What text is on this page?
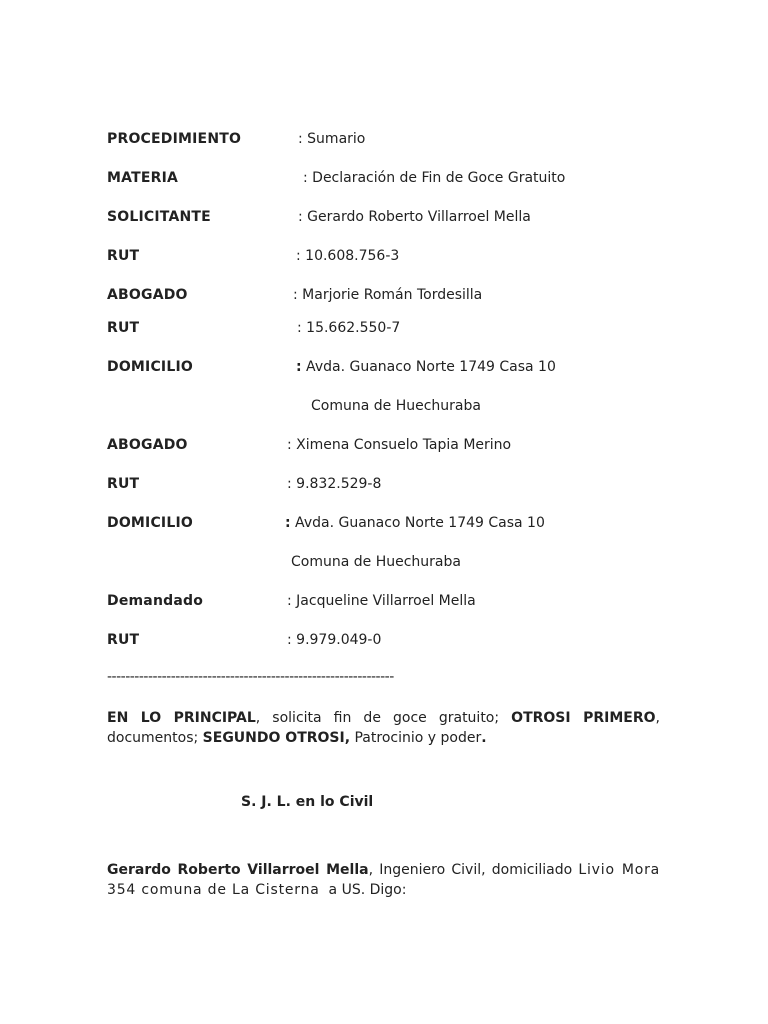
PROCEDIMIENTO	: Sumario
MATERIA	: Declaración de Fin de Goce Gratuito
SOLICITANTE	: Gerardo Roberto Villarroel Mella
RUT	: 10.608.756-3
ABOGADO	: Marjorie Román Tordesilla
RUT	: 15.662.550-7
DOMICILIO	: Avda. Guanaco Norte 1749 Casa 10
Comuna de Huechuraba
ABOGADO	: Ximena Consuelo Tapia Merino
RUT	: 9.832.529-8
DOMICILIO	: Avda. Guanaco Norte 1749 Casa 10
Comuna de Huechuraba
Demandado	: Jacqueline Villarroel Mella
RUT	: 9.979.049-0
---------------------------------------------------------------
EN LO PRINCIPAL, solicita fin de goce gratuito; OTROSI PRIMERO, documentos; SEGUNDO OTROSI, Patrocinio y poder.
S. J. L. en lo Civil
Gerardo Roberto Villarroel Mella, Ingeniero Civil, domiciliado Livio Mora 354 comuna de La Cisterna  a US. Digo:
